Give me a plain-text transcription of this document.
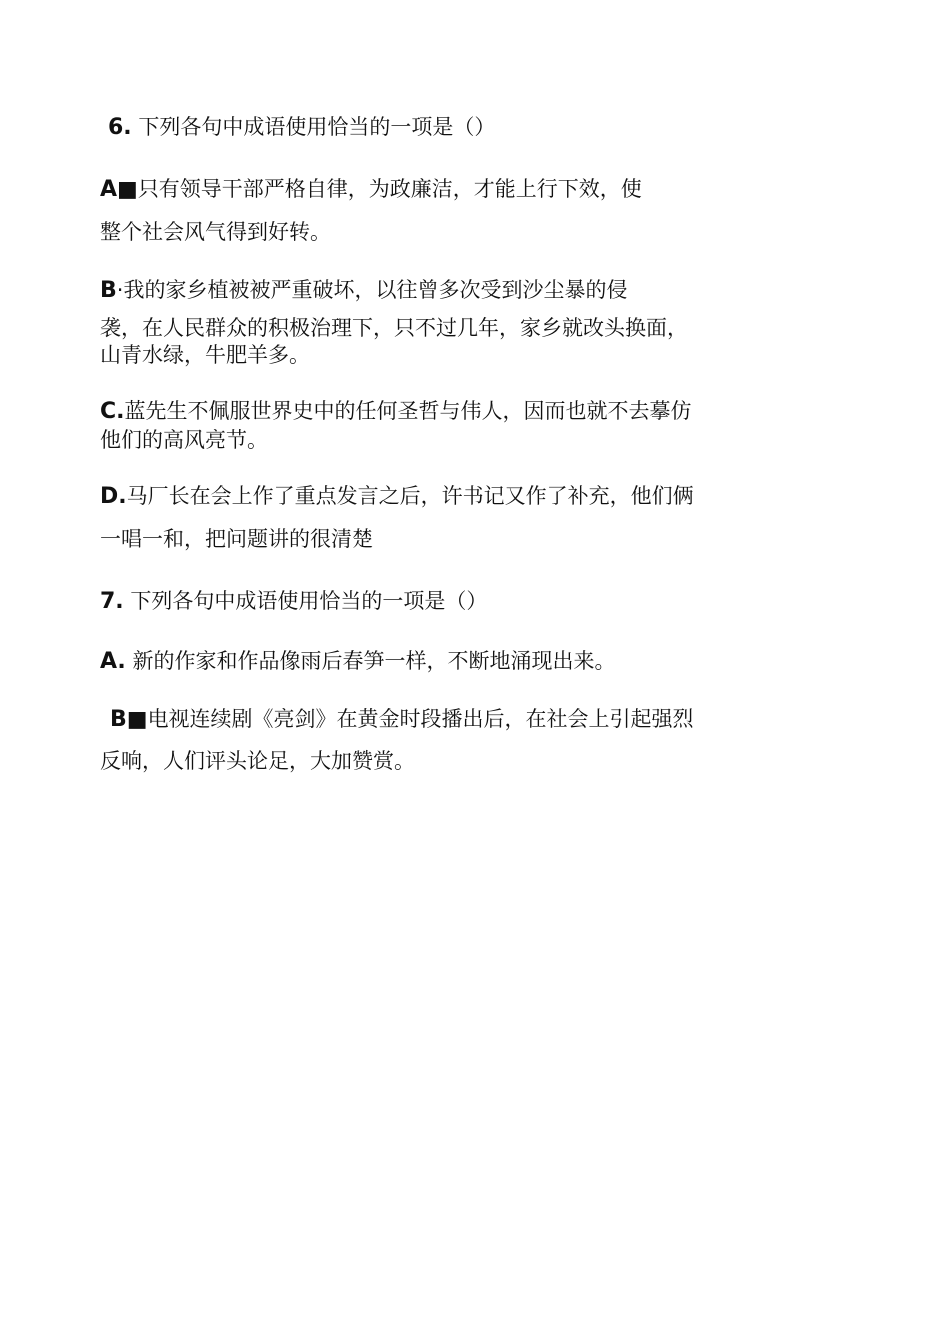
6. 下列各句中成语使用恰当的一项是（）
A■只有领导干部严格自律，为政廉洁，才能上行下效，使
整个社会风气得到好转。
B·我的家乡植被被严重破坏，以往曾多次受到沙尘暴的侵
袭，在人民群众的积极治理下，只不过几年，家乡就改头换面，
山青水绿，牛肥羊多。
C.蓝先生不佩服世界史中的任何圣哲与伟人，因而也就不去摹仿
他们的高风亮节。
D.马厂长在会上作了重点发言之后，许书记又作了补充，他们俩
一唱一和，把问题讲的很清楚
7. 下列各句中成语使用恰当的一项是（）
A. 新的作家和作品像雨后春笋一样，不断地涌现出来。
B■电视连续剧《亮剑》在黄金时段播出后，在社会上引起强烈
反响，人们评头论足，大加赞赏。
